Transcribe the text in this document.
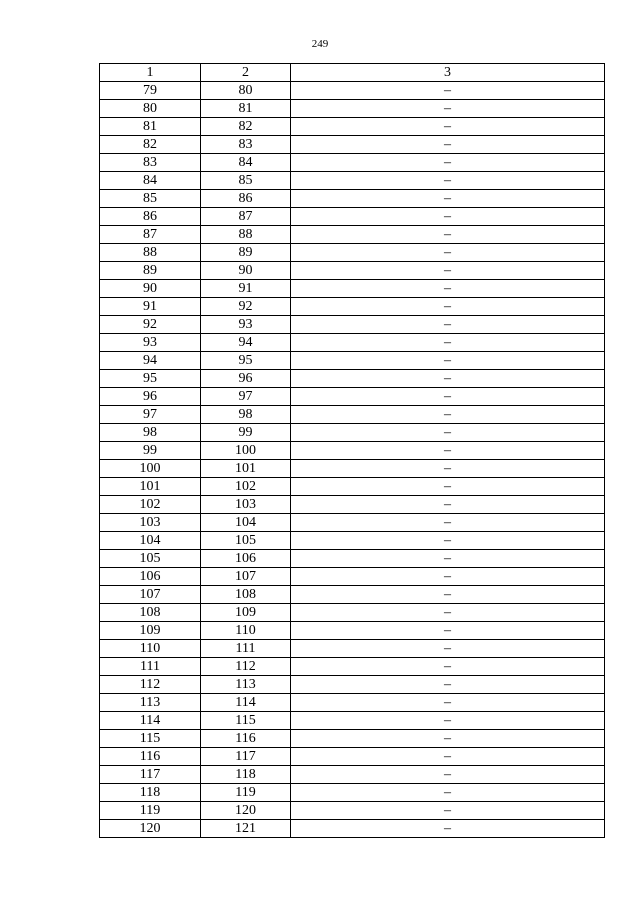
249
1	2	3
79	80	–
80	81	–
81	82	–
82	83	–
83	84	–
84	85	–
85	86	–
86	87	–
87	88	–
88	89	–
89	90	–
90	91	–
91	92	–
92	93	–
93	94	–
94	95	–
95	96	–
96	97	–
97	98	–
98	99	–
99	100	–
100	101	–
101	102	–
102	103	–
103	104	–
104	105	–
105	106	–
106	107	–
107	108	–
108	109	–
109	110	–
110	111	–
111	112	–
112	113	–
113	114	–
114	115	–
115	116	–
116	117	–
117	118	–
118	119	–
119	120	–
120	121	–
